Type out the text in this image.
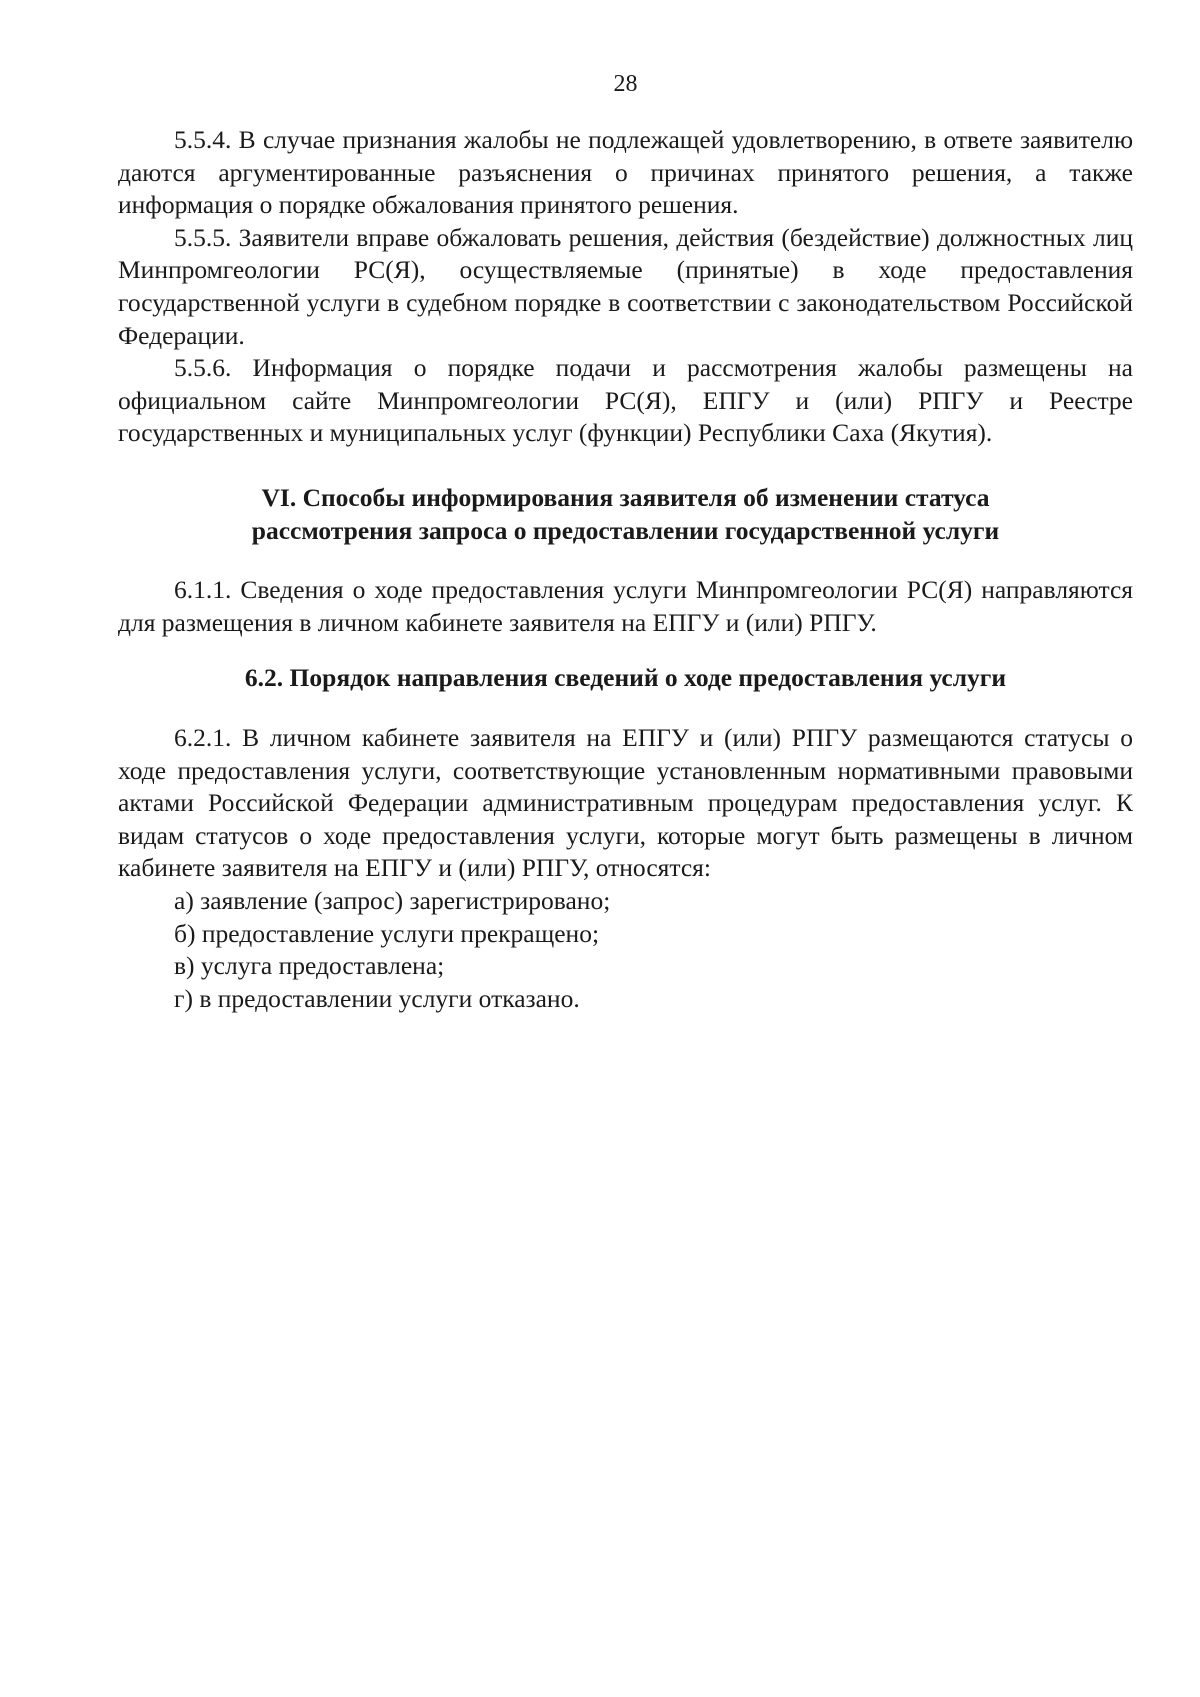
28

5.5.4. В случае признания жалобы не подлежащей удовлетворению, в ответе заявителю даются аргументированные разъяснения о причинах принятого решения, а также информация о порядке обжалования принятого решения.

5.5.5. Заявители вправе обжаловать решения, действия (бездействие) должностных лиц Минпромгеологии РС(Я), осуществляемые (принятые) в ходе предоставления государственной услуги в судебном порядке в соответствии с законодательством Российской Федерации.

5.5.6. Информация о порядке подачи и рассмотрения жалобы размещены на официальном сайте Минпромгеологии РС(Я), ЕПГУ и (или) РПГУ и Реестре государственных и муниципальных услуг (функции) Республики Саха (Якутия).

VI. Способы информирования заявителя об изменении статуса
рассмотрения запроса о предоставлении государственной услуги

6.1.1. Сведения о ходе предоставления услуги Минпромгеологии РС(Я) направляются для размещения в личном кабинете заявителя на ЕПГУ и (или) РПГУ.

6.2. Порядок направления сведений о ходе предоставления услуги

6.2.1. В личном кабинете заявителя на ЕПГУ и (или) РПГУ размещаются статусы о ходе предоставления услуги, соответствующие установленным нормативными правовыми актами Российской Федерации административным процедурам предоставления услуг. К видам статусов о ходе предоставления услуги, которые могут быть размещены в личном кабинете заявителя на ЕПГУ и (или) РПГУ, относятся:

а) заявление (запрос) зарегистрировано;
б) предоставление услуги прекращено;
в) услуга предоставлена;
г) в предоставлении услуги отказано.
